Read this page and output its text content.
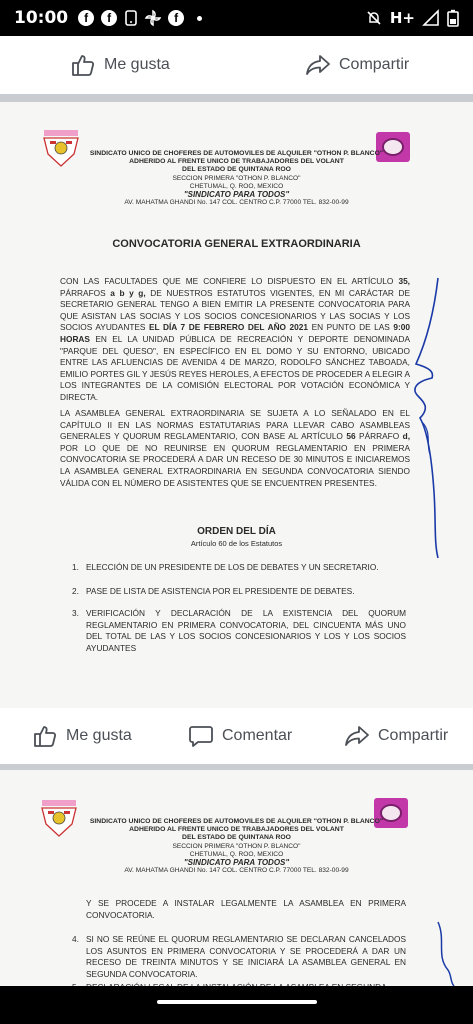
10:00	f	f	f	H+
Me gusta	Compartir
SINDICATO UNICO DE CHOFERES DE AUTOMOVILES DE ALQUILER "OTHON P. BLANCO"
ADHERIDO AL FRENTE UNICO DE TRABAJADORES DEL VOLANT
DEL ESTADO DE QUINTANA ROO
SECCION PRIMERA "OTHON P. BLANCO"
CHETUMAL, Q. ROO, MEXICO
"SINDICATO PARA TODOS"
AV. MAHATMA GHANDI No. 147 COL. CENTRO C.P. 77000 TEL. 832-00-99
CONVOCATORIA GENERAL EXTRAORDINARIA
CON LAS FACULTADES QUE ME CONFIERE LO DISPUESTO EN EL ARTÍCULO 35, PÁRRAFOS a b y g, DE NUESTROS ESTATUTOS VIGENTES, EN MI CARÁCTAR DE SECRETARIO GENERAL TENGO A BIEN EMITIR LA PRESENTE CONVOCATORIA PARA QUE ASISTAN LAS SOCIAS Y LOS SOCIOS CONCESIONARIOS Y LAS SOCIAS Y LOS SOCIOS AYUDANTES EL DÍA 7 DE FEBRERO DEL AÑO 2021 EN PUNTO DE LAS 9:00 HORAS EN EL LA UNIDAD PÚBLICA DE RECREACIÓN Y DEPORTE DENOMINADA "PARQUE DEL QUESO", EN ESPECÍFICO EN EL DOMO Y SU ENTORNO, UBICADO ENTRE LAS AFLUENCIAS DE AVENIDA 4 DE MARZO, RODOLFO SÁNCHEZ TABOADA, EMILIO PORTES GIL Y JESÚS REYES HEROLES, A EFECTOS DE PROCEDER A ELEGIR A LOS INTEGRANTES DE LA COMISIÓN ELECTORAL POR VOTACIÓN ECONÓMICA Y DIRECTA.
LA ASAMBLEA GENERAL EXTRAORDINARIA SE SUJETA A LO SEÑALADO EN EL CAPÍTULO II EN LAS NORMAS ESTATUTARIAS PARA LLEVAR CABO ASAMBLEAS GENERALES Y QUORUM REGLAMENTARIO, CON BASE AL ARTÍCULO 56 PÁRRAFO d, POR LO QUE DE NO REUNIRSE EN QUORUM REGLAMENTARIO EN PRIMERA CONVOCATORIA SE PROCEDERÁ A DAR UN RECESO DE 30 MINUTOS E INICIAREMOS LA ASAMBLEA GENERAL EXTRAORDINARIA EN SEGUNDA CONVOCATORIA SIENDO VÁLIDA CON EL NÚMERO DE ASISTENTES QUE SE ENCUENTREN PRESENTES.
ORDEN DEL DÍA
Artículo 60 de los Estatutos
1. ELECCIÓN DE UN PRESIDENTE DE LOS DE DEBATES Y UN SECRETARIO.
2. PASE DE LISTA DE ASISTENCIA POR EL PRESIDENTE DE DEBATES.
3. VERIFICACIÓN Y DECLARACIÓN DE LA EXISTENCIA DEL QUORUM REGLAMENTARIO EN PRIMERA CONVOCATORIA, DEL CINCUENTA MÁS UNO DEL TOTAL DE LAS Y LOS SOCIOS CONCESIONARIOS Y LOS Y LOS SOCIOS AYUDANTES
Me gusta	Comentar	Compartir
SINDICATO UNICO DE CHOFERES DE AUTOMOVILES DE ALQUILER "OTHON P. BLANCO"
ADHERIDO AL FRENTE UNICO DE TRABAJADORES DEL VOLANT
DEL ESTADO DE QUINTANA ROO
SECCION PRIMERA "OTHON P. BLANCO"
CHETUMAL, Q. ROO, MEXICO
"SINDICATO PARA TODOS"
AV. MAHATMA GHANDI No. 147 COL. CENTRO C.P. 77000 TEL. 832-00-99
Y SE PROCEDE A INSTALAR LEGALMENTE LA ASAMBLEA EN PRIMERA CONVOCATORIA.
4. SI NO SE REÚNE EL QUORUM REGLAMENTARIO SE DECLARAN CANCELADOS LOS ASUNTOS EN PRIMERA CONVOCATORIA Y SE PROCEDERÁ A DAR UN RECESO DE TREINTA MINUTOS Y SE INICIARÁ LA ASAMBLEA GENERAL EN SEGUNDA CONVOCATORIA.
